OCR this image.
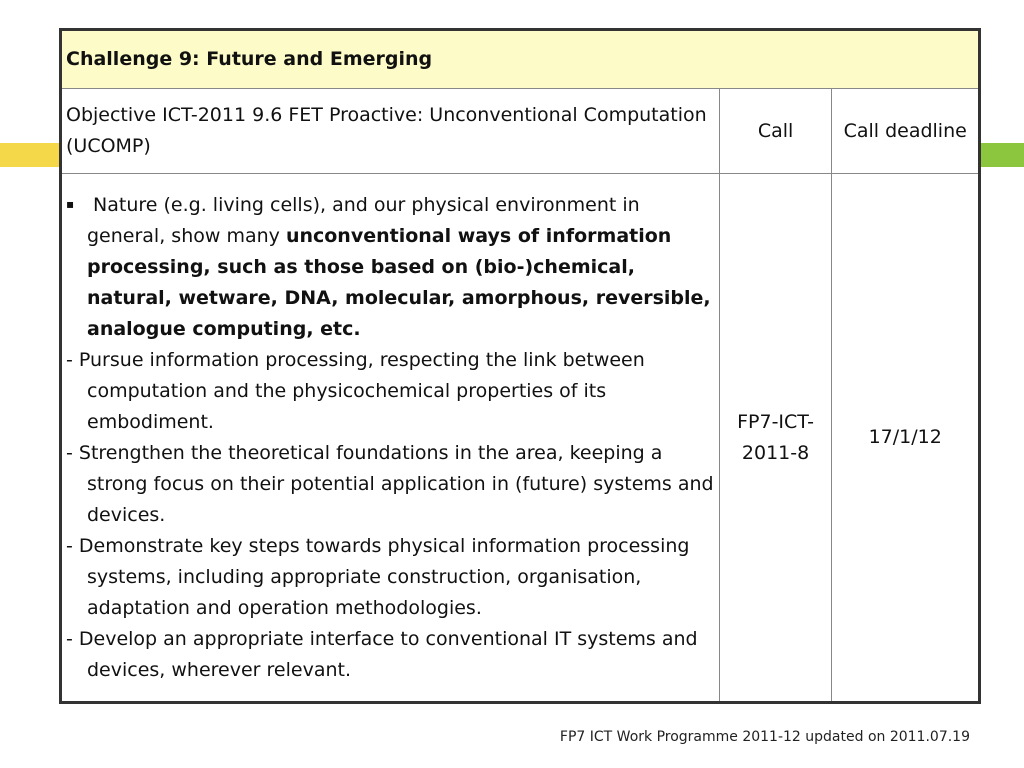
Challenge 9: Future and Emerging		
Objective ICT-2011 9.6 FET Proactive: Unconventional Computation (UCOMP)	Call	Call deadline

▪ Nature (e.g. living cells), and our physical environment in general, show many unconventional ways of information processing, such as those based on (bio-)chemical, natural, wetware, DNA, molecular, amorphous, reversible, analogue computing, etc.
- Pursue information processing, respecting the link between computation and the physicochemical properties of its embodiment.
- Strengthen the theoretical foundations in the area, keeping a strong focus on their potential application in (future) systems and devices.
- Demonstrate key steps towards physical information processing systems, including appropriate construction, organisation, adaptation and operation methodologies.
- Develop an appropriate interface to conventional IT systems and devices, wherever relevant.	FP7-ICT-2011-8	17/1/12
FP7 ICT Work Programme 2011-12 updated on 2011.07.19
